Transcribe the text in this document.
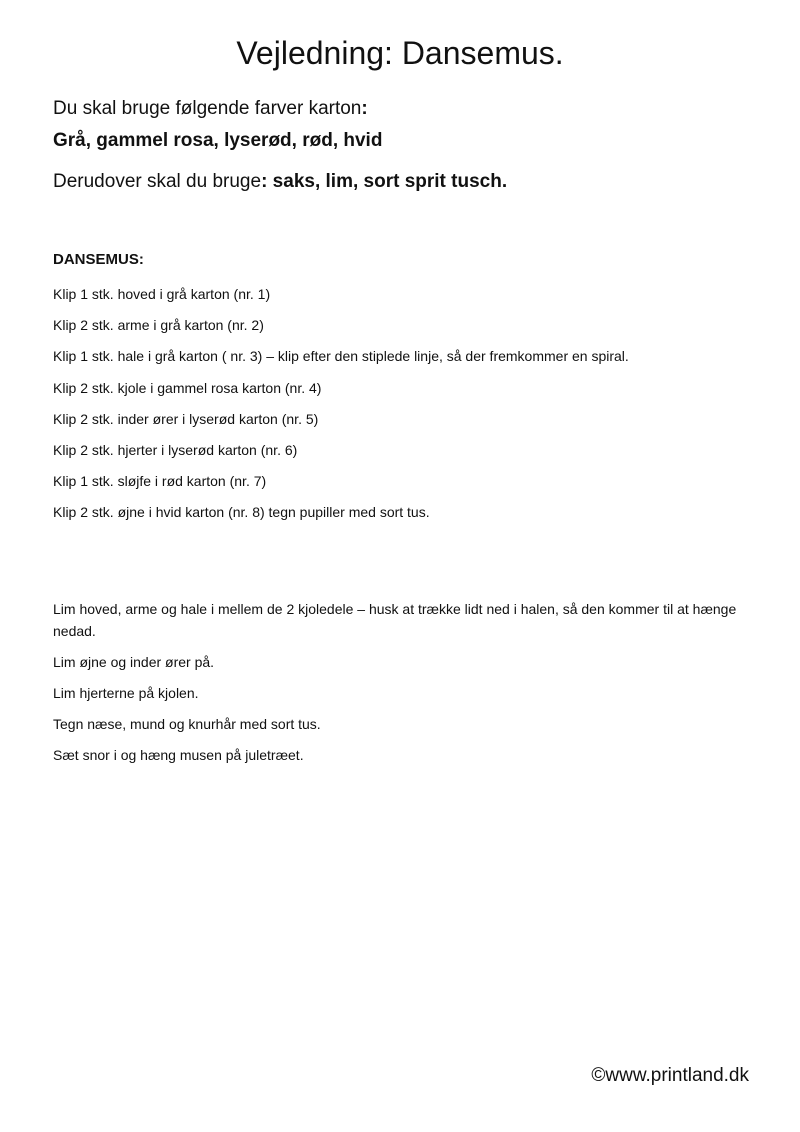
Vejledning: Dansemus.
Du skal bruge følgende farver karton:
Grå, gammel rosa, lyserød, rød, hvid
Derudover skal du bruge: saks, lim, sort sprit tusch.
DANSEMUS:
Klip 1 stk. hoved i grå karton (nr. 1)
Klip 2 stk. arme i grå karton (nr. 2)
Klip 1 stk. hale i grå karton ( nr. 3) – klip efter den stiplede linje, så der fremkommer en spiral.
Klip 2 stk. kjole i gammel rosa karton (nr. 4)
Klip 2 stk. inder ører i lyserød karton (nr. 5)
Klip 2 stk. hjerter i lyserød karton (nr. 6)
Klip 1 stk. sløjfe i rød karton (nr. 7)
Klip 2 stk. øjne i hvid karton (nr. 8) tegn pupiller med sort tus.
Lim hoved, arme og hale i mellem de 2 kjoledele – husk at trække lidt ned i halen, så den kommer til at hænge nedad.
Lim øjne og inder ører på.
Lim hjerterne på kjolen.
Tegn næse, mund og knurhår med sort tus.
Sæt snor i og hæng musen på juletræet.
©www.printland.dk
